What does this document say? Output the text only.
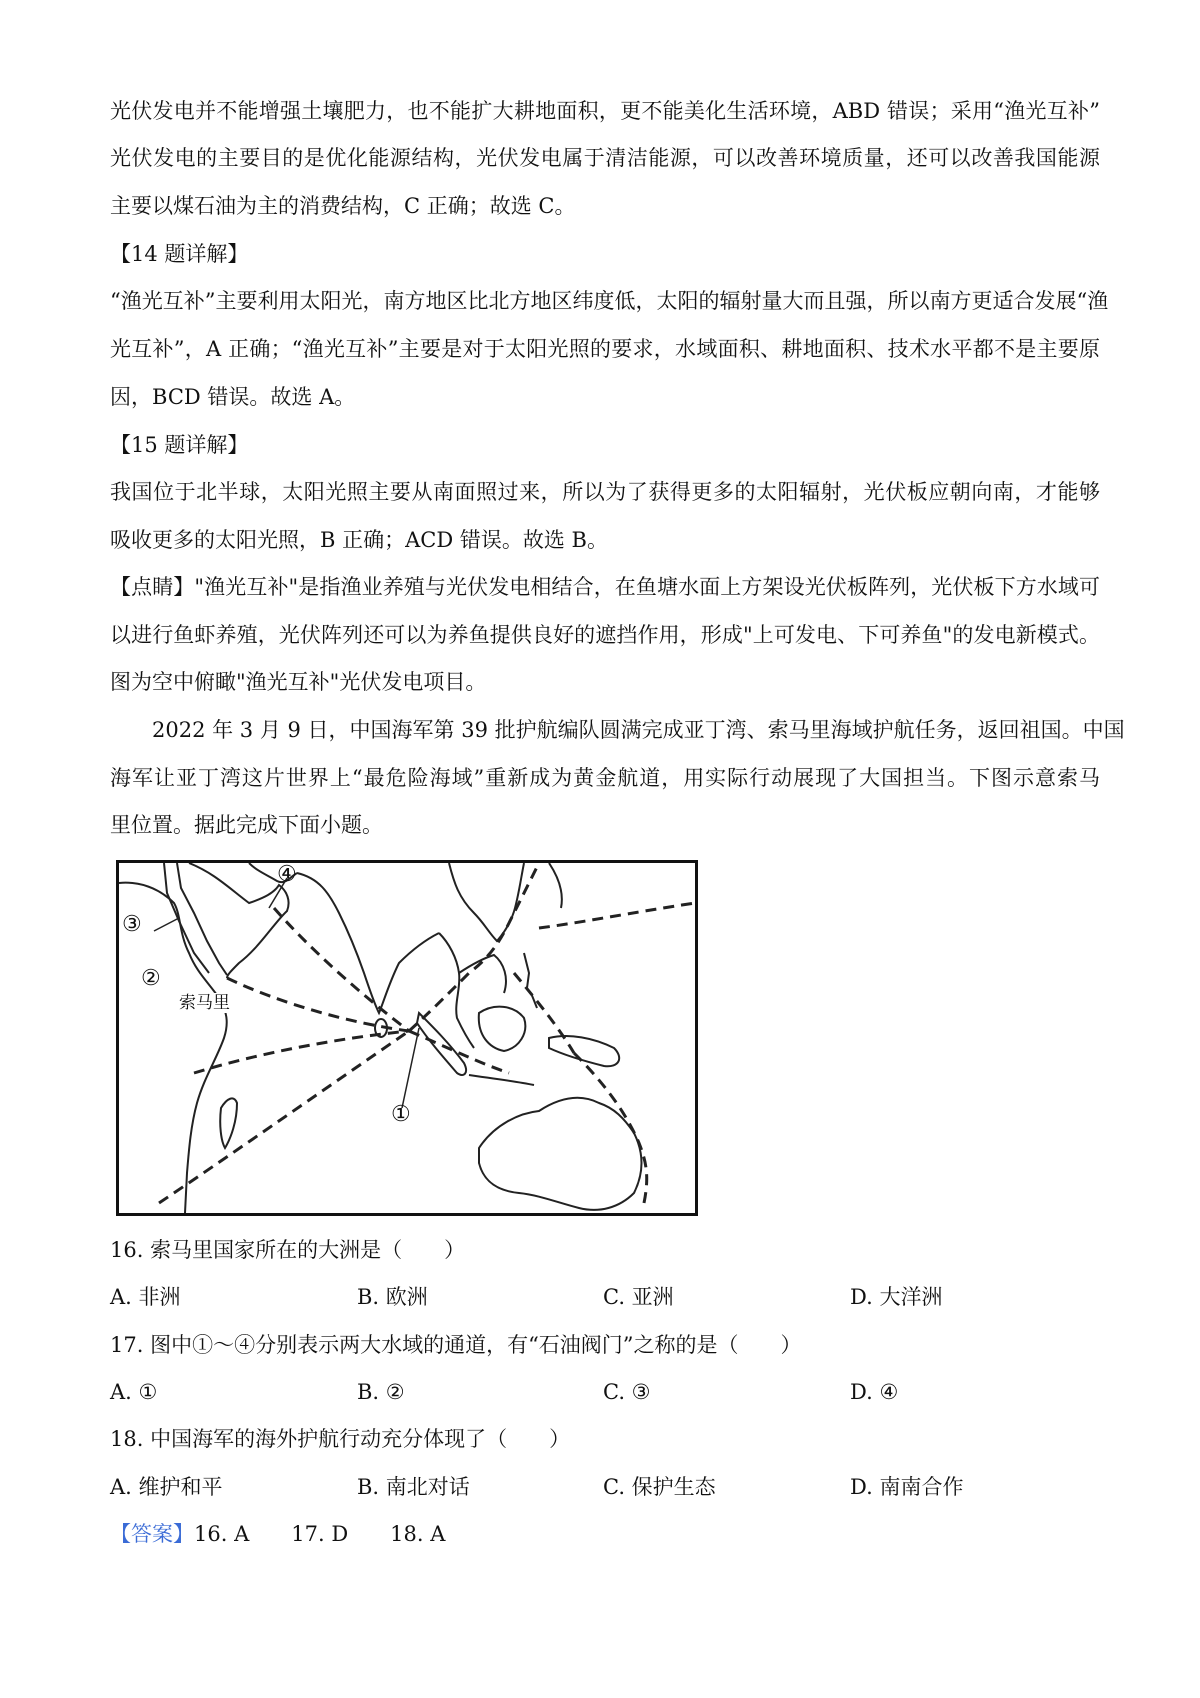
光伏发电并不能增强土壤肥力，也不能扩大耕地面积，更不能美化生活环境，ABD 错误；采用“渔光互补”
光伏发电的主要目的是优化能源结构，光伏发电属于清洁能源，可以改善环境质量，还可以改善我国能源
主要以煤石油为主的消费结构，C 正确；故选 C。
【14 题详解】
“渔光互补”主要利用太阳光，南方地区比北方地区纬度低，太阳的辐射量大而且强，所以南方更适合发展“渔
光互补”，A 正确；“渔光互补”主要是对于太阳光照的要求，水域面积、耕地面积、技术水平都不是主要原
因，BCD 错误。故选 A。
【15 题详解】
我国位于北半球，太阳光照主要从南面照过来，所以为了获得更多的太阳辐射，光伏板应朝向南，才能够
吸收更多的太阳光照，B 正确；ACD 错误。故选 B。
【点睛】"渔光互补"是指渔业养殖与光伏发电相结合，在鱼塘水面上方架设光伏板阵列，光伏板下方水域可
以进行鱼虾养殖，光伏阵列还可以为养鱼提供良好的遮挡作用，形成"上可发电、下可养鱼"的发电新模式。
图为空中俯瞰"渔光互补"光伏发电项目。
2022 年 3 月 9 日，中国海军第 39 批护航编队圆满完成亚丁湾、索马里海域护航任务，返回祖国。中国
海军让亚丁湾这片世界上“最危险海域”重新成为黄金航道，用实际行动展现了大国担当。下图示意索马
里位置。据此完成下面小题。
③
②
④
①
索马里
16. 索马里国家所在的大洲是（　　）
A. 非洲	B. 欧洲	C. 亚洲	D. 大洋洲
17. 图中①～④分别表示两大水域的通道，有“石油阀门”之称的是（　　）
A. ①	B. ②	C. ③	D. ④
18. 中国海军的海外护航行动充分体现了（　　）
A. 维护和平	B. 南北对话	C. 保护生态	D. 南南合作
【答案】16. A 17. D 18. A
